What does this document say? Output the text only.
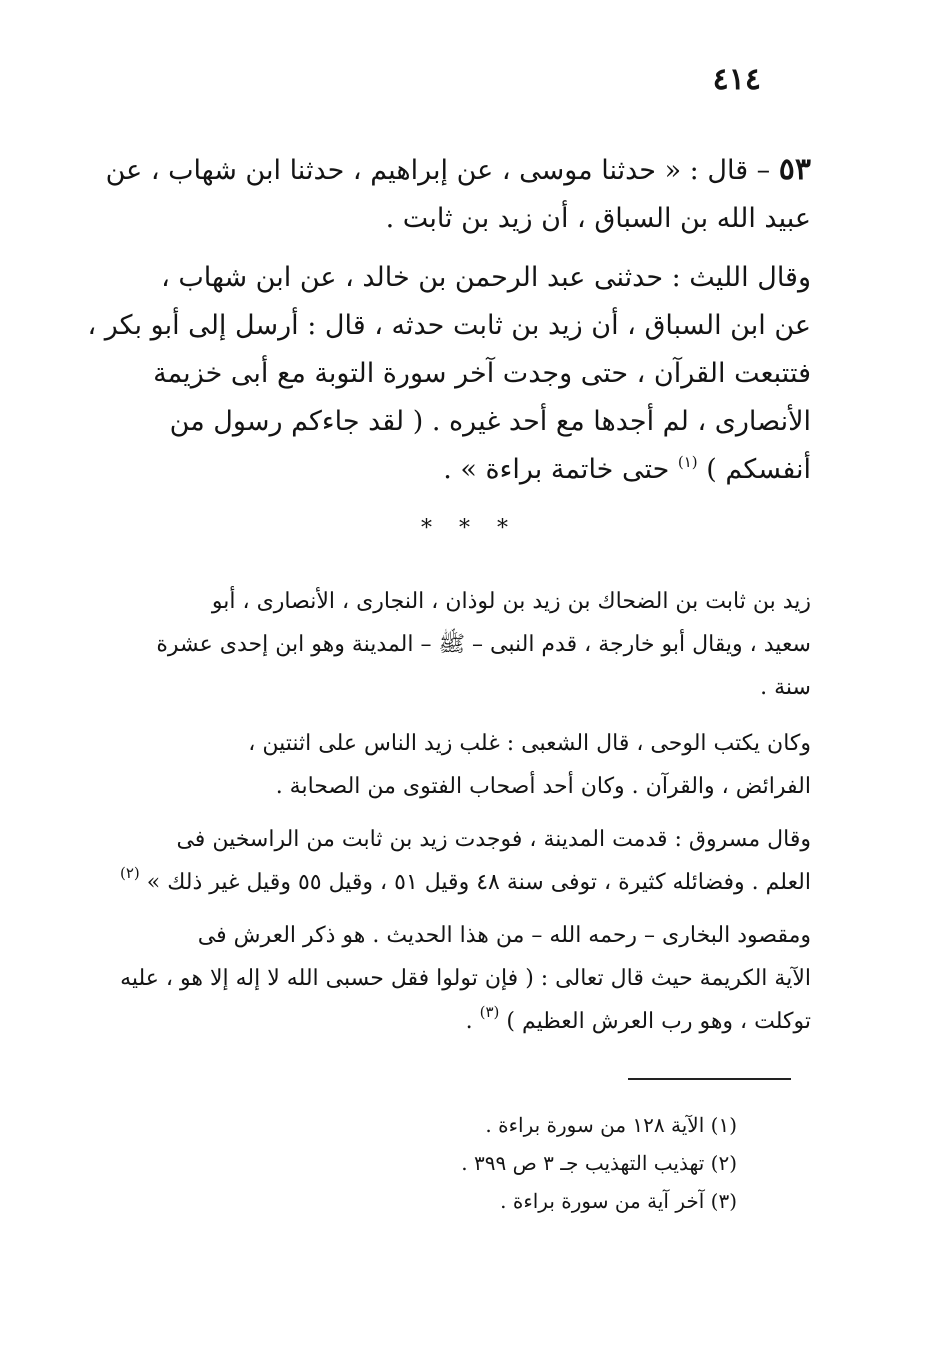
٤١٤
٥٣ – قال : « حدثنا موسى ، عن إبراهيم ، حدثنا ابن شهاب ، عن
عبيد الله بن السباق ، أن زيد بن ثابت .
وقال الليث : حدثنى عبد الرحمن بن خالد ، عن ابن شهاب ،
عن ابن السباق ، أن زيد بن ثابت حدثه ، قال : أرسل إلى أبو بكر ،
فتتبعت القرآن ، حتى وجدت آخر سورة التوبة مع أبى خزيمة
الأنصارى ، لم أجدها مع أحد غيره . ( لقد جاءكم رسول من
أنفسكم ) $^{(١)}$ حتى خاتمة براءة » .
* * *
زيد بن ثابت بن الضحاك بن زيد بن لوذان ، النجارى ، الأنصارى ، أبو
سعيد ، ويقال أبو خارجة ، قدم النبى – ﷺ – المدينة وهو ابن إحدى عشرة
سنة .
وكان يكتب الوحى ، قال الشعبى : غلب زيد الناس على اثنتين ،
الفرائض ، والقرآن . وكان أحد أصحاب الفتوى من الصحابة .
وقال مسروق : قدمت المدينة ، فوجدت زيد بن ثابت من الراسخين فى
العلم . وفضائله كثيرة ، توفى سنة ٤٨ وقيل ٥١ ، وقيل ٥٥ وقيل غير ذلك » $^{(٢)}$
ومقصود البخارى – رحمه الله – من هذا الحديث . هو ذكر العرش فى
الآية الكريمة حيث قال تعالى : ( فإن تولوا فقل حسبى الله لا إله إلا هو ، عليه
توكلت ، وهو رب العرش العظيم ) $^{(٣)}$ .
(١) الآية ١٢٨ من سورة براءة .
(٢) تهذيب التهذيب جـ ٣ ص ٣٩٩ .
(٣) آخر آية من سورة براءة .
